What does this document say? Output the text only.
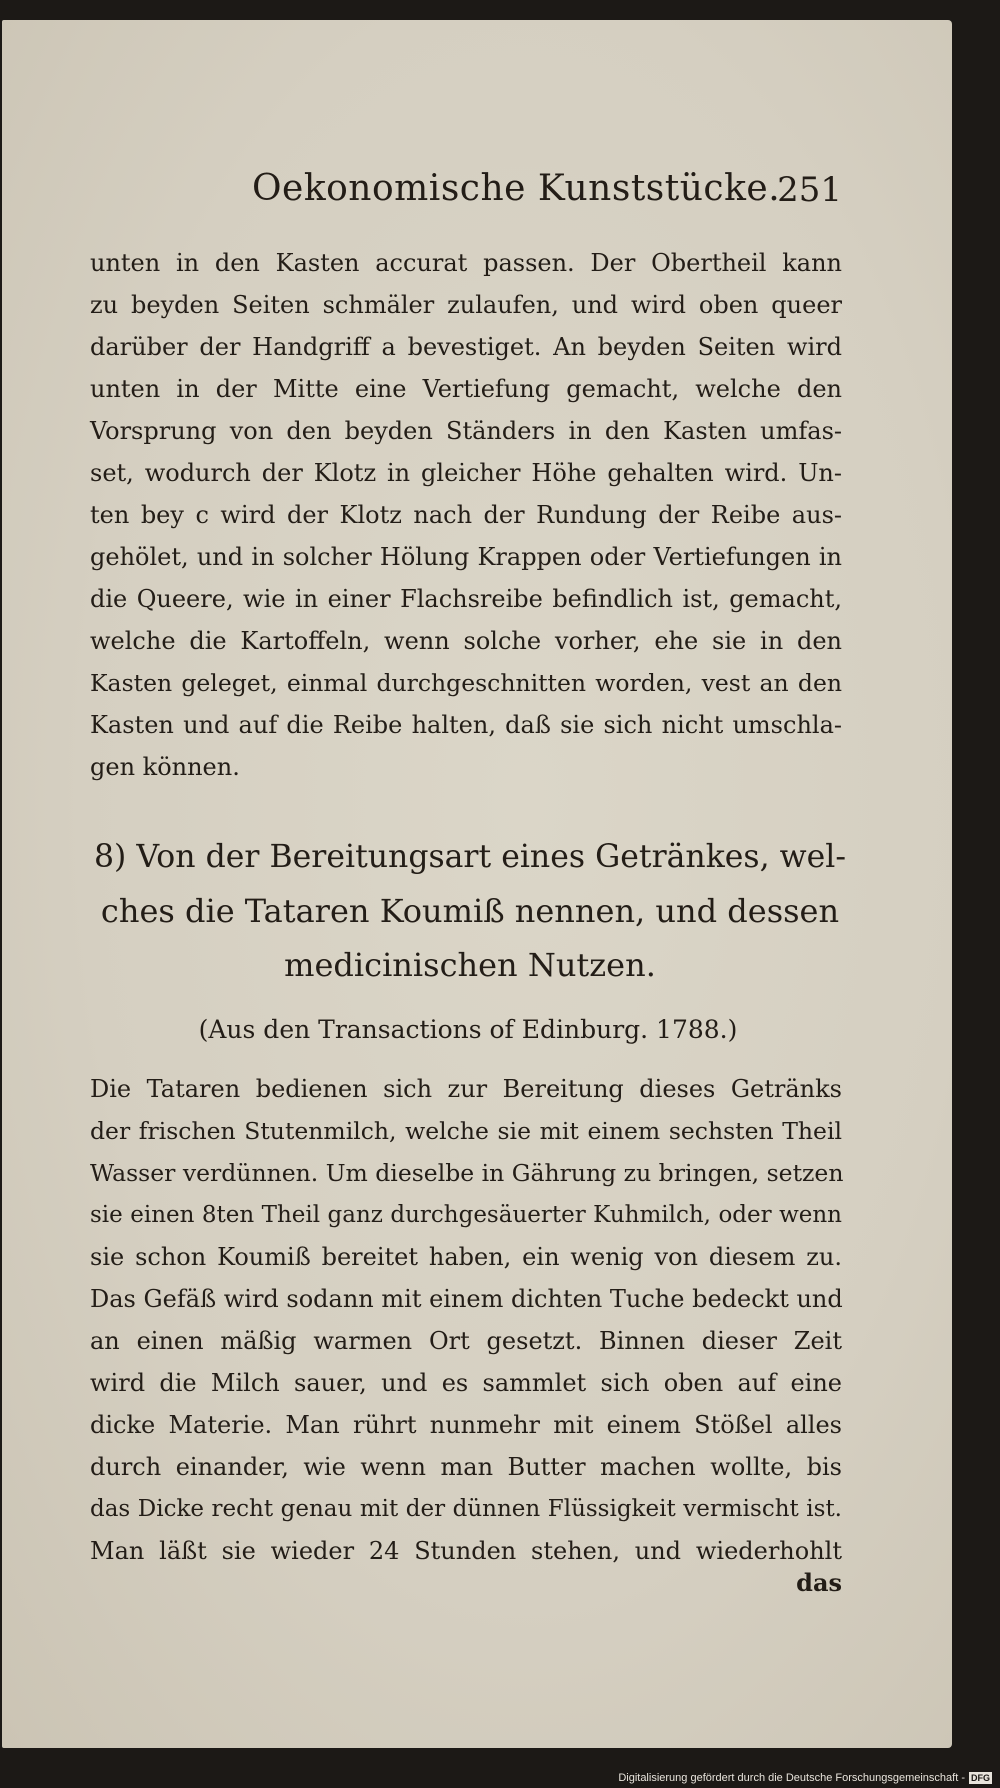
Oekonomische Kunststücke.
251
unten in den Kasten accurat passen. Der Obertheil kann
zu beyden Seiten schmäler zulaufen, und wird oben queer
darüber der Handgriff a bevestiget. An beyden Seiten wird
unten in der Mitte eine Vertiefung gemacht, welche den
Vorsprung von den beyden Ständers in den Kasten umfas-
set, wodurch der Klotz in gleicher Höhe gehalten wird. Un-
ten bey c wird der Klotz nach der Rundung der Reibe aus-
gehölet, und in solcher Hölung Krappen oder Vertiefungen in
die Queere, wie in einer Flachsreibe befindlich ist, gemacht,
welche die Kartoffeln, wenn solche vorher, ehe sie in den
Kasten geleget, einmal durchgeschnitten worden, vest an den
Kasten und auf die Reibe halten, daß sie sich nicht umschla-
gen können.
8) Von der Bereitungsart eines Getränkes, wel-
ches die Tataren Koumiß nennen, und dessen
medicinischen Nutzen.
(Aus den Transactions of Edinburg. 1788.)
Die Tataren bedienen sich zur Bereitung dieses Getränks
der frischen Stutenmilch, welche sie mit einem sechsten Theil
Wasser verdünnen. Um dieselbe in Gährung zu bringen, setzen
sie einen 8ten Theil ganz durchgesäuerter Kuhmilch, oder wenn
sie schon Koumiß bereitet haben, ein wenig von diesem zu.
Das Gefäß wird sodann mit einem dichten Tuche bedeckt und
an einen mäßig warmen Ort gesetzt. Binnen dieser Zeit
wird die Milch sauer, und es sammlet sich oben auf eine
dicke Materie. Man rührt nunmehr mit einem Stößel alles
durch einander, wie wenn man Butter machen wollte, bis
das Dicke recht genau mit der dünnen Flüssigkeit vermischt ist.
Man läßt sie wieder 24 Stunden stehen, und wiederhohlt
das
Digitalisierung gefördert durch die Deutsche Forschungsgemeinschaft - DFG
